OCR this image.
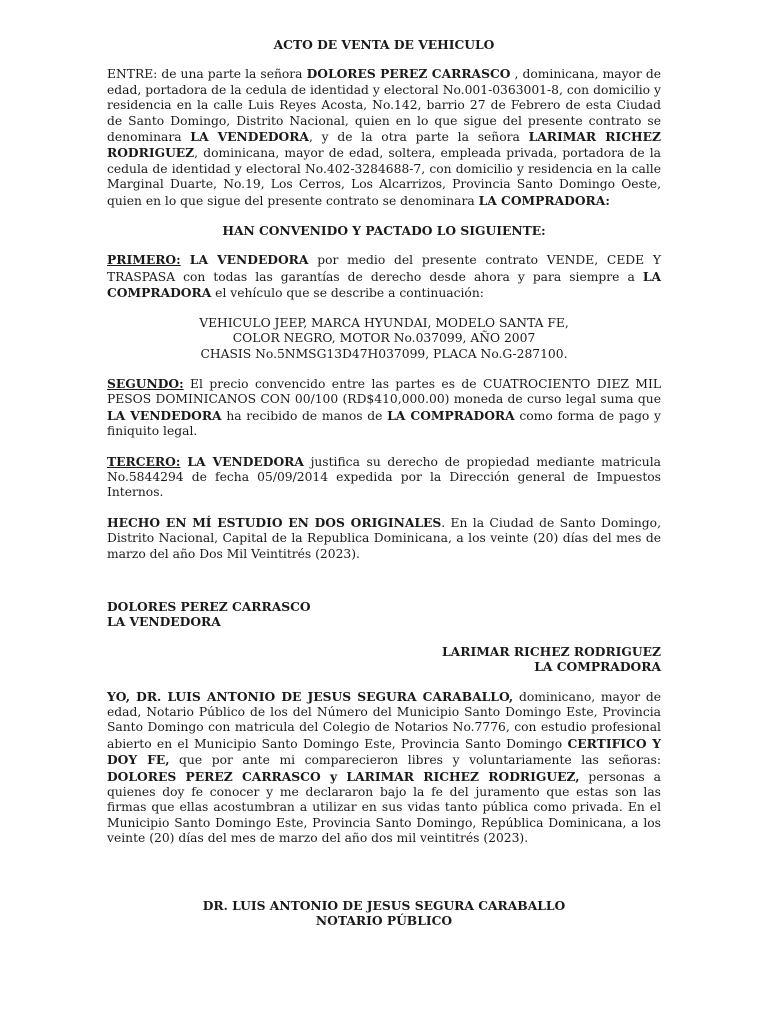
ACTO DE VENTA DE VEHICULO

ENTRE: de una parte la señora DOLORES PEREZ CARRASCO , dominicana, mayor de edad, portadora de la cedula de identidad y electoral No.001-0363001-8, con domicilio y residencia en la calle Luis Reyes Acosta, No.142, barrio 27 de Febrero de esta Ciudad de Santo Domingo, Distrito Nacional, quien en lo que sigue del presente contrato se denominara LA VENDEDORA, y de la otra parte la señora LARIMAR RICHEZ RODRIGUEZ, dominicana, mayor de edad, soltera, empleada privada, portadora de la cedula de identidad y electoral No.402-3284688-7, con domicilio y residencia en la calle Marginal Duarte, No.19, Los Cerros, Los Alcarrizos, Provincia Santo Domingo Oeste, quien en lo que sigue del presente contrato se denominara LA COMPRADORA:

HAN CONVENIDO Y PACTADO LO SIGUIENTE:

PRIMERO: LA VENDEDORA por medio del presente contrato VENDE, CEDE Y TRASPASA con todas las garantías de derecho desde ahora y para siempre a LA COMPRADORA el vehículo que se describe a continuación:

VEHICULO JEEP, MARCA HYUNDAI, MODELO SANTA FE,
COLOR NEGRO, MOTOR No.037099, AÑO 2007
CHASIS No.5NMSG13D47H037099, PLACA No.G-287100.

SEGUNDO: El precio convencido entre las partes es de CUATROCIENTO DIEZ MIL PESOS DOMINICANOS CON 00/100 (RD$410,000.00) moneda de curso legal suma que LA VENDEDORA ha recibido de manos de LA COMPRADORA como forma de pago y finiquito legal.

TERCERO: LA VENDEDORA justifica su derecho de propiedad mediante matricula No.5844294 de fecha 05/09/2014 expedida por la Dirección general de Impuestos Internos.

HECHO EN MÍ ESTUDIO EN DOS ORIGINALES. En la Ciudad de Santo Domingo, Distrito Nacional, Capital de la Republica Dominicana, a los veinte (20) días del mes de marzo del año Dos Mil Veintitrés (2023).

DOLORES PEREZ CARRASCO
LA VENDEDORA
LARIMAR RICHEZ RODRIGUEZ
LA COMPRADORA

YO, DR. LUIS ANTONIO DE JESUS SEGURA CARABALLO, dominicano, mayor de edad, Notario Público de los del Número del Municipio Santo Domingo Este, Provincia Santo Domingo con matricula del Colegio de Notarios No.7776, con estudio profesional abierto en el Municipio Santo Domingo Este, Provincia Santo Domingo CERTIFICO Y DOY FE, que por ante mi comparecieron libres y voluntariamente las señoras: DOLORES PEREZ CARRASCO y LARIMAR RICHEZ RODRIGUEZ, personas a quienes doy fe conocer y me declararon bajo la fe del juramento que estas son las firmas que ellas acostumbran a utilizar en sus vidas tanto pública como privada. En el Municipio Santo Domingo Este, Provincia Santo Domingo, República Dominicana, a los veinte (20) días del mes de marzo del año dos mil veintitrés (2023).

DR. LUIS ANTONIO DE JESUS SEGURA CARABALLO
NOTARIO PÚBLICO
